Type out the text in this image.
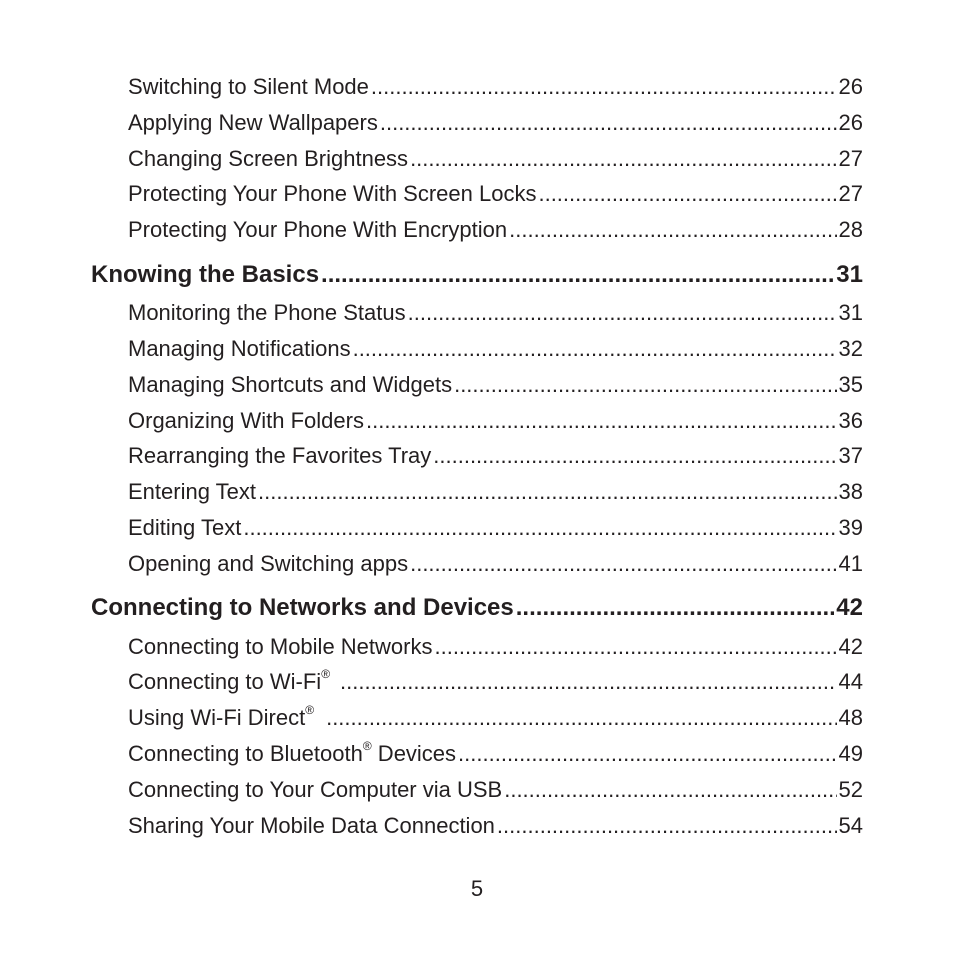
Switching to Silent Mode .....	26
Applying New Wallpapers .....	26
Changing Screen Brightness .....	27
Protecting Your Phone With Screen Locks .....	27
Protecting Your Phone With Encryption .....	28
Knowing the Basics .....	31
Monitoring the Phone Status .....	31
Managing Notifications .....	32
Managing Shortcuts and Widgets .....	35
Organizing With Folders .....	36
Rearranging the Favorites Tray .....	37
Entering Text .....	38
Editing Text .....	39
Opening and Switching apps .....	41
Connecting to Networks and Devices .....	42
Connecting to Mobile Networks .....	42
Connecting to Wi-Fi® .....	44
Using Wi-Fi Direct® .....	48
Connecting to Bluetooth® Devices .....	49
Connecting to Your Computer via USB .....	52
Sharing Your Mobile Data Connection .....	54
5
